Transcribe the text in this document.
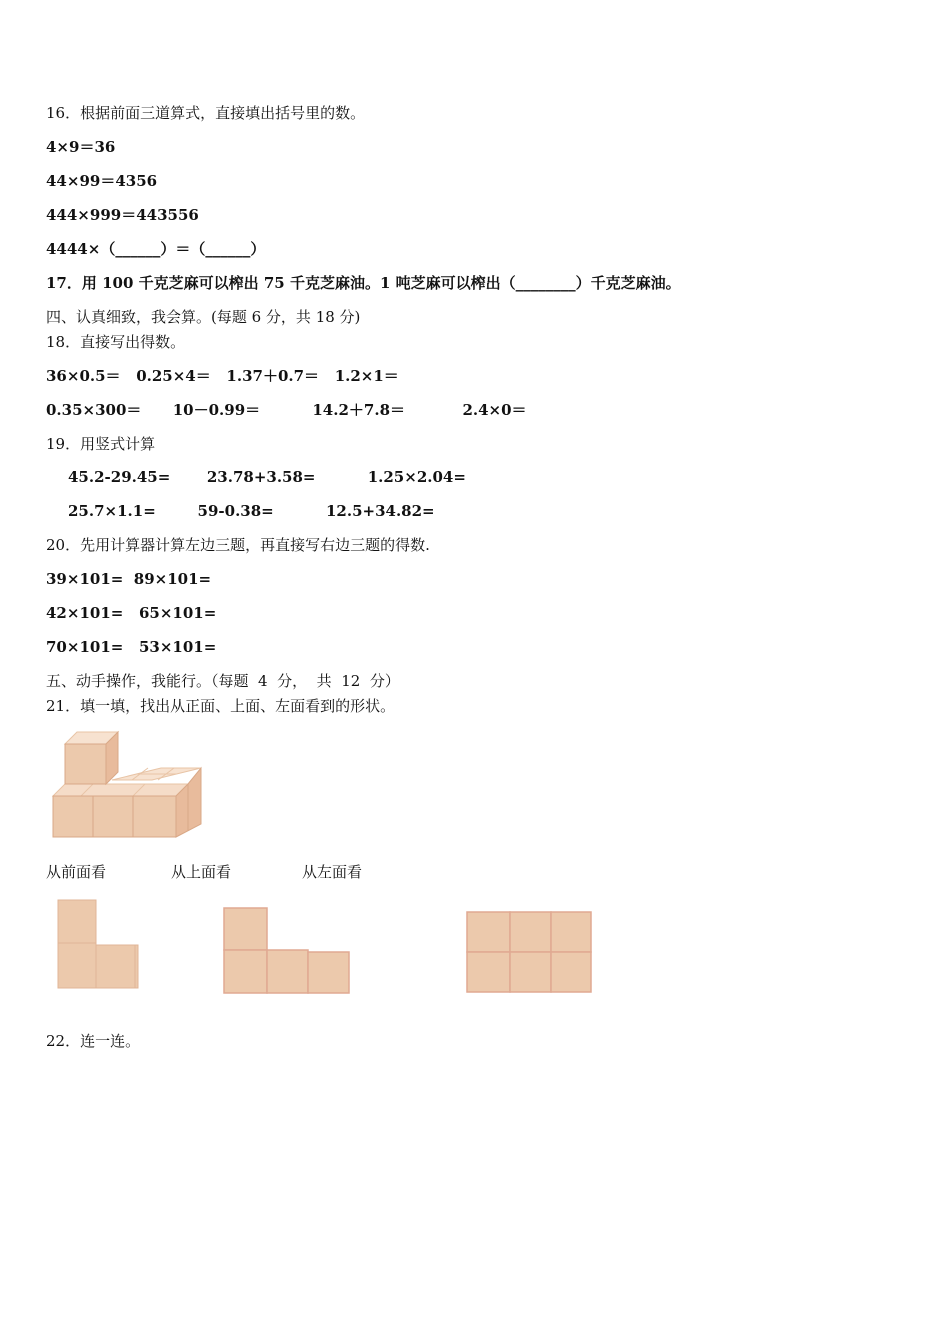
16．根据前面三道算式，直接填出括号里的数。
4×9＝36
44×99＝4356
444×999＝443556
4444×（______）＝（______）
17．用 100 千克芝麻可以榨出 75 千克芝麻油。1 吨芝麻可以榨出（________）千克芝麻油。
四、认真细致，我会算。(每题 6 分，共 18 分)
18．直接写出得数。
36×0.5＝   0.25×4＝   1.37＋0.7＝   1.2×1＝
0.35×300＝      10－0.99＝          14.2＋7.8＝           2.4×0＝
19．用竖式计算
45.2-29.45=       23.78+3.58=          1.25×2.04=
25.7×1.1=        59-0.38=          12.5+34.82=
20．先用计算器计算左边三题，再直接写右边三题的得数.
39×101=  89×101=
42×101=   65×101=
70×101=   53×101=
五、动手操作，我能行。（每题  4  分，  共  12  分）
21．填一填，找出从正面、上面、左面看到的形状。
从前面看	从上面看	从左面看
22．连一连。
